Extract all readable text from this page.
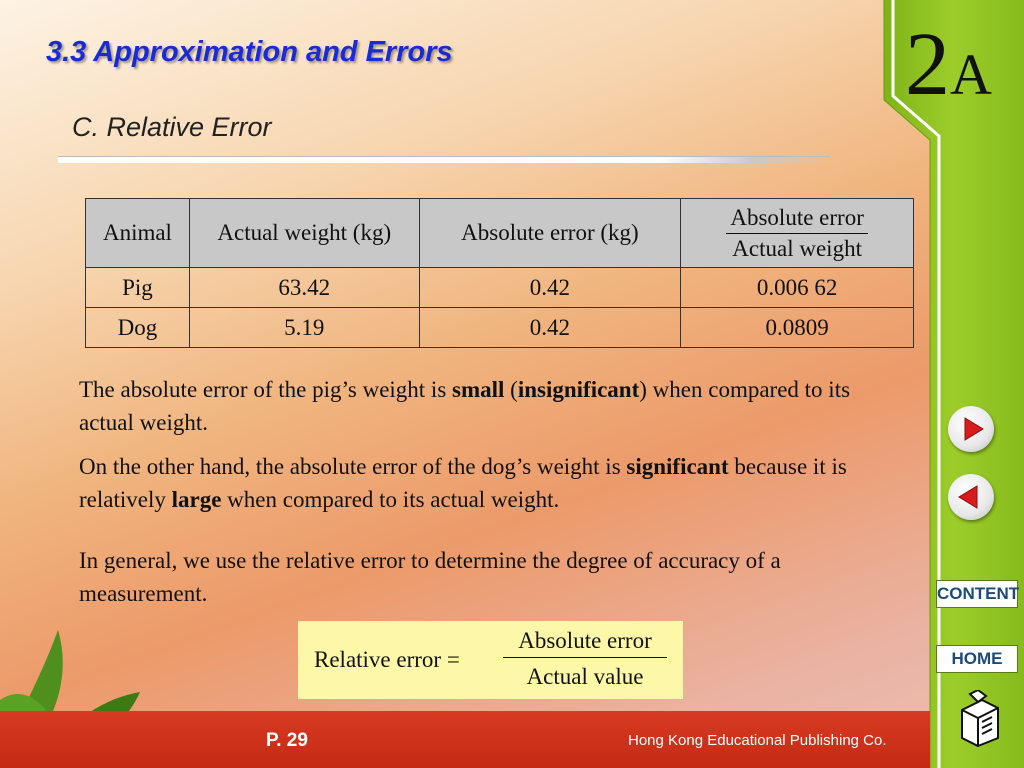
3.3 Approximation and Errors
C. Relative Error
2A
Animal	Actual weight (kg)	Absolute error (kg)	$\frac{\text{Absolute error}}{\text{Actual weight}}$

Pig	63.42	0.42	0.006 62
Dog	5.19	0.42	0.0809
The absolute error of the pig’s weight is small (insignificant) when compared to its actual weight.
On the other hand, the absolute error of the dog’s weight is significant because it is relatively large when compared to its actual weight.
In general, we use the relative error to determine the degree of accuracy of a measurement.
Relative error =
Absolute error
Actual value
CONTENT
HOME
P. 29	Hong Kong Educational Publishing Co.
